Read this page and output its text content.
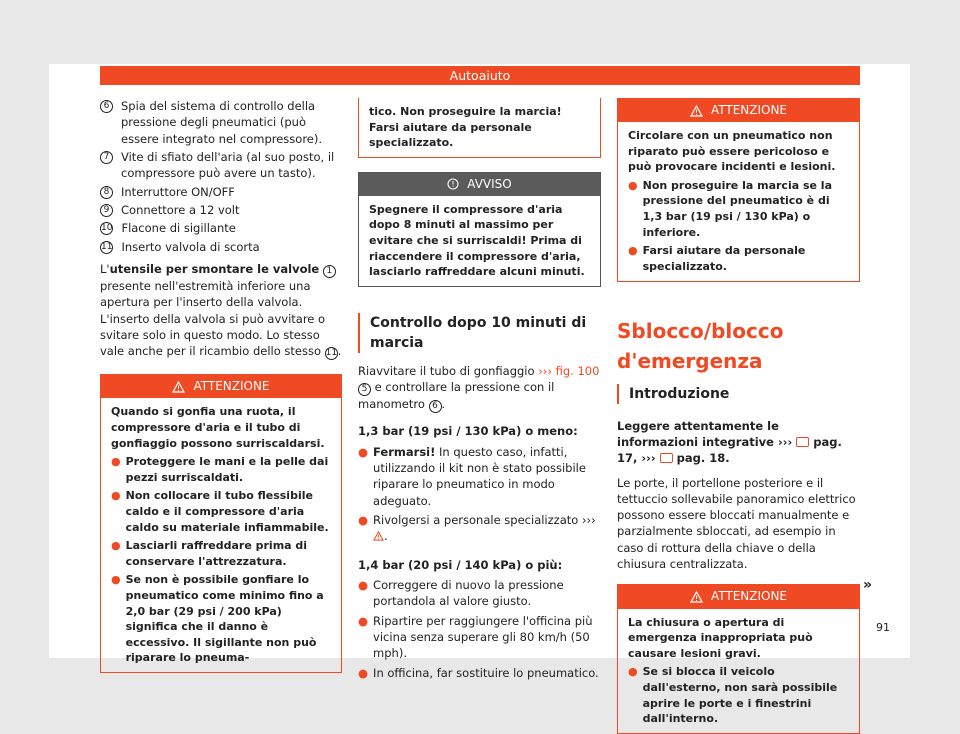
Autoaiuto
6	Spia del sistema di controllo della pressione degli pneumatici (può essere integrato nel compressore).
7	Vite di sfiato dell'aria (al suo posto, il compressore può avere un tasto).
8	Interruttore ON/OFF
9	Connettore a 12 volt
10 Flacone di sigillante
11 Inserto valvola di scorta

L'utensile per smontare le valvole 1 presente nell'estremità inferiore una apertura per l'inserto della valvola. L'inserto della valvola si può avvitare o svitare solo in questo modo. Lo stesso vale anche per il ricambio dello stesso 11.

ATTENZIONE
Quando si gonfia una ruota, il compressore d'aria e il tubo di gonfiaggio possono surriscaldarsi.
● Proteggere le mani e la pelle dai pezzi surriscaldati.
● Non collocare il tubo flessibile caldo e il compressore d'aria caldo su materiale infiammabile.
● Lasciarli raffreddare prima di conservare l'attrezzatura.
● Se non è possibile gonfiare lo pneumatico come minimo fino a 2,0 bar (29 psi / 200 kPa) significa che il danno è eccessivo. Il sigillante non può riparare lo pneuma-
tico. Non proseguire la marcia! Farsi aiutare da personale specializzato.
AVVISO
Spegnere il compressore d'aria dopo 8 minuti al massimo per evitare che si surriscaldi! Prima di riaccendere il compressore d'aria, lasciarlo raffreddare alcuni minuti.
Controllo dopo 10 minuti di marcia

Riavvitare il tubo di gonfiaggio ››› fig. 100 5 e controllare la pressione con il manometro 6 .

1,3 bar (19 psi / 130 kPa) o meno:
● Fermarsi! In questo caso, infatti, utilizzando il kit non è stato possibile riparare lo pneumatico in modo adeguato.
● Rivolgersi a personale specializzato ››› .
1,4 bar (20 psi / 140 kPa) o più:
● Correggere di nuovo la pressione portandola al valore giusto.
● Ripartire per raggiungere l'officina più vicina senza superare gli 80 km/h (50 mph).
● In officina, far sostituire lo pneumatico.
ATTENZIONE
Circolare con un pneumatico non riparato può essere pericoloso e può provocare incidenti e lesioni.
● Non proseguire la marcia se la pressione del pneumatico è di 1,3 bar (19 psi / 130 kPa) o inferiore.
● Farsi aiutare da personale specializzato.
Sblocco/blocco d'emergenza
Introduzione

Leggere attentamente le informazioni integrative ››› pag. 17, ››› pag. 18.

Le porte, il portellone posteriore e il tettuccio sollevabile panoramico elettrico possono essere bloccati manualmente e parzialmente sbloccati, ad esempio in caso di rottura della chiave o della chiusura centralizzata.

ATTENZIONE
La chiusura o apertura di emergenza inappropriata può causare lesioni gravi.
● Se si blocca il veicolo dall'esterno, non sarà possibile aprire le porte e i finestrini dall'interno.
»
91
